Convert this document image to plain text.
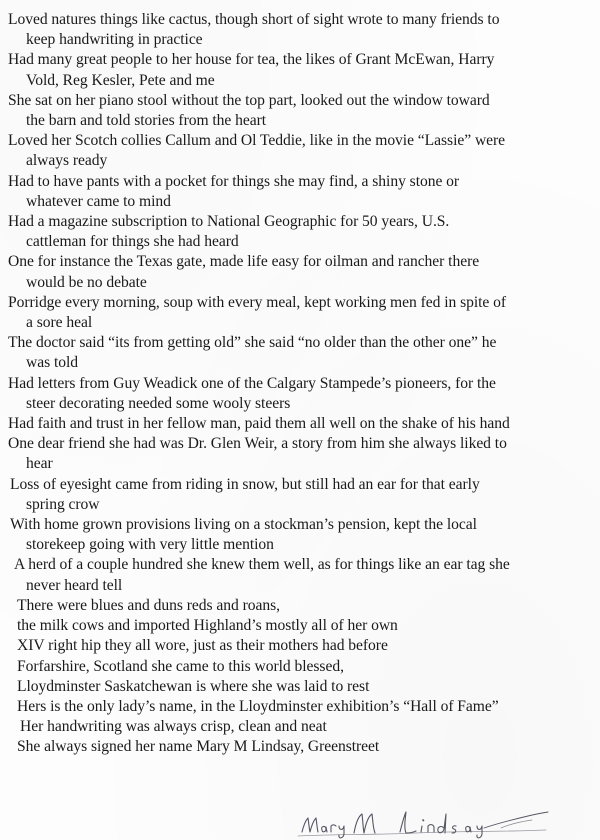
Loved natures things like cactus, though short of sight wrote to many friends to
keep handwriting in practice
Had many great people to her house for tea, the likes of Grant McEwan, Harry
Vold, Reg Kesler, Pete and me
She sat on her piano stool without the top part, looked out the window toward
the barn and told stories from the heart
Loved her Scotch collies Callum and Ol Teddie, like in the movie “Lassie” were
always ready
Had to have pants with a pocket for things she may find, a shiny stone or
whatever came to mind
Had a magazine subscription to National Geographic for 50 years, U.S.
cattleman for things she had heard
One for instance the Texas gate, made life easy for oilman and rancher there
would be no debate
Porridge every morning, soup with every meal, kept working men fed in spite of
a sore heal
The doctor said “its from getting old” she said “no older than the other one” he
was told
Had letters from Guy Weadick one of the Calgary Stampede’s pioneers, for the
steer decorating needed some wooly steers
Had faith and trust in her fellow man, paid them all well on the shake of his hand
One dear friend she had was Dr. Glen Weir, a story from him she always liked to
hear
Loss of eyesight came from riding in snow, but still had an ear for that early
spring crow
With home grown provisions living on a stockman’s pension, kept the local
storekeep going with very little mention
A herd of a couple hundred she knew them well, as for things like an ear tag she
never heard tell
There were blues and duns reds and roans,
the milk cows and imported Highland’s mostly all of her own
XIV right hip they all wore, just as their mothers had before
Forfarshire, Scotland she came to this world blessed,
Lloydminster Saskatchewan is where she was laid to rest
Hers is the only lady’s name, in the Lloydminster exhibition’s “Hall of Fame”
Her handwriting was always crisp, clean and neat
She always signed her name Mary M Lindsay, Greenstreet
